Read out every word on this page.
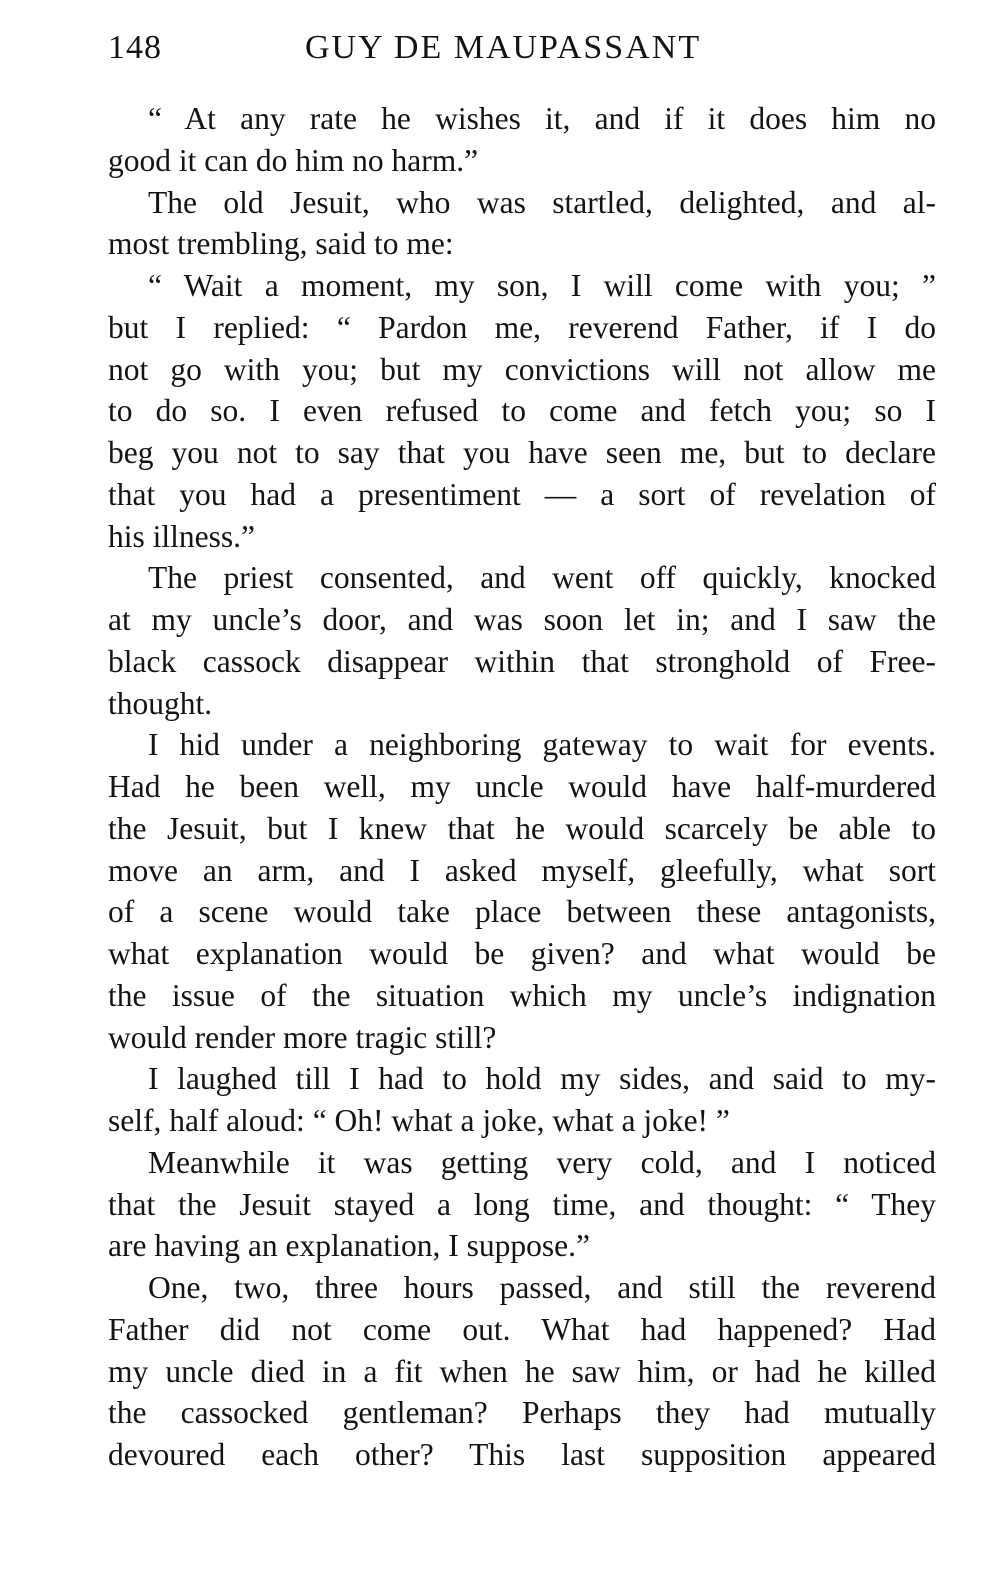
148	GUY DE MAUPASSANT
“ At any rate he wishes it, and if it does him no
good it can do him no harm.”
The old Jesuit, who was startled, delighted, and al-
most trembling, said to me:
“ Wait a moment, my son, I will come with you; ”
but I replied: “ Pardon me, reverend Father, if I do
not go with you; but my convictions will not allow me
to do so. I even refused to come and fetch you; so I
beg you not to say that you have seen me, but to declare
that you had a presentiment — a sort of revelation of
his illness.”
The priest consented, and went off quickly, knocked
at my uncle’s door, and was soon let in; and I saw the
black cassock disappear within that stronghold of Free-
thought.
I hid under a neighboring gateway to wait for events.
Had he been well, my uncle would have half-murdered
the Jesuit, but I knew that he would scarcely be able to
move an arm, and I asked myself, gleefully, what sort
of a scene would take place between these antagonists,
what explanation would be given? and what would be
the issue of the situation which my uncle’s indignation
would render more tragic still?
I laughed till I had to hold my sides, and said to my-
self, half aloud: “ Oh! what a joke, what a joke! ”
Meanwhile it was getting very cold, and I noticed
that the Jesuit stayed a long time, and thought: “ They
are having an explanation, I suppose.”
One, two, three hours passed, and still the reverend
Father did not come out. What had happened? Had
my uncle died in a fit when he saw him, or had he killed
the cassocked gentleman? Perhaps they had mutually
devoured each other? This last supposition appeared
